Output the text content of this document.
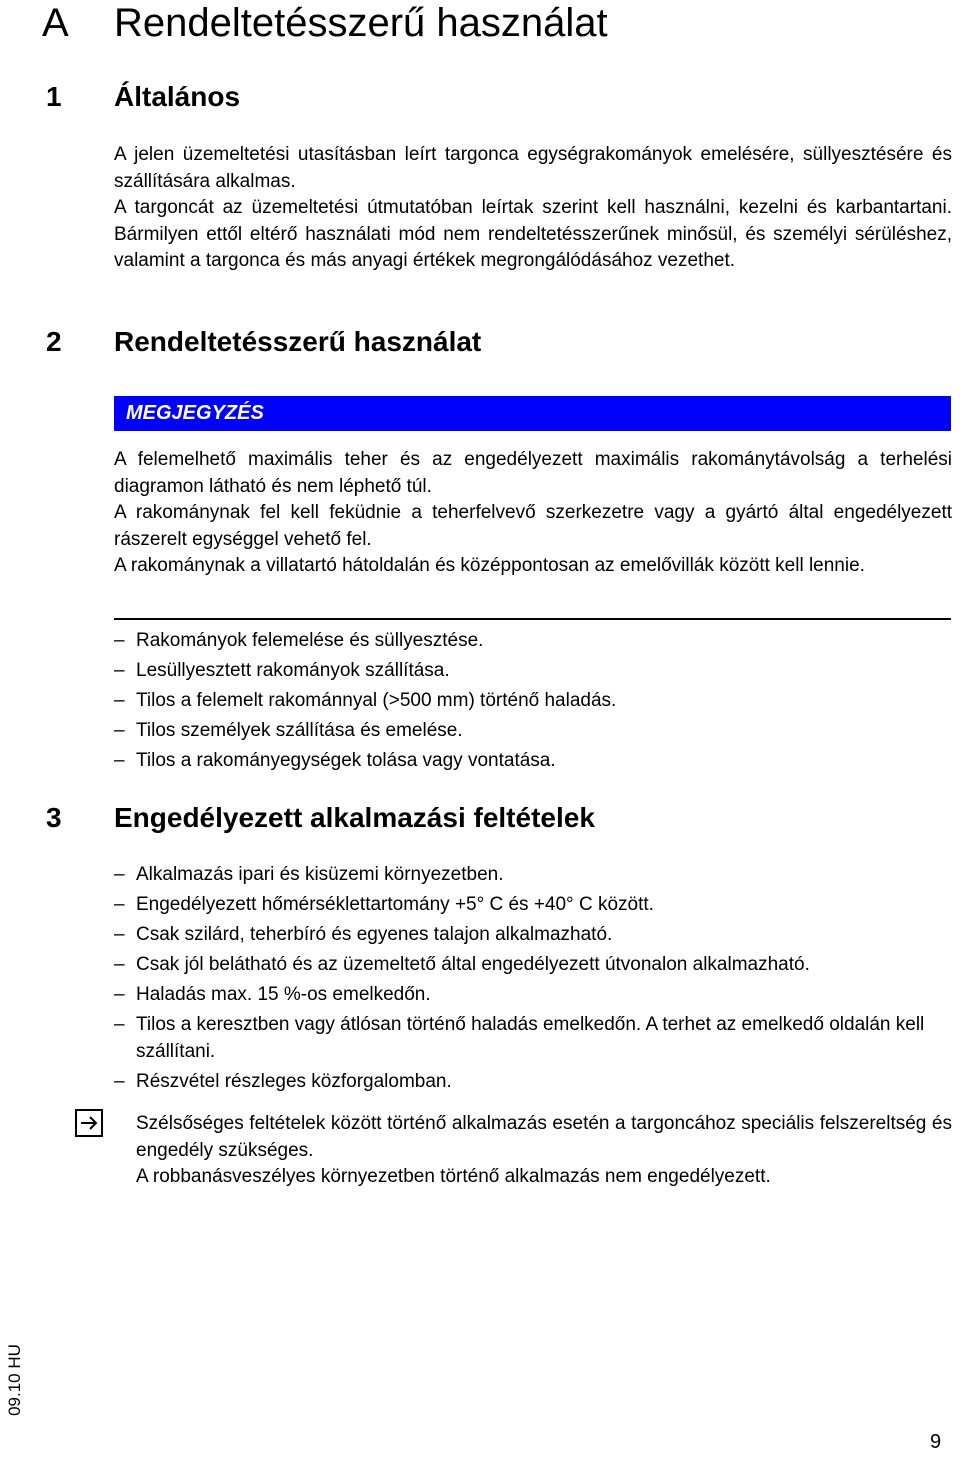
A Rendeltetésszerű használat
1 Általános

A jelen üzemeltetési utasításban leírt targonca egységrakományok emelésére, süllyesztésére és szállítására alkalmas.

A targoncát az üzemeltetési útmutatóban leírtak szerint kell használni, kezelni és karbantartani. Bármilyen ettől eltérő használati mód nem rendeltetésszerűnek minősül, és személyi sérüléshez, valamint a targonca és más anyagi értékek megrongálódásához vezethet.

2 Rendeltetésszerű használat
MEGJEGYZÉS

A felemelhető maximális teher és az engedélyezett maximális rakománytávolság a terhelési diagramon látható és nem léphető túl.

A rakománynak fel kell feküdnie a teherfelvevő szerkezetre vagy a gyártó által engedélyezett rászerelt egységgel vehető fel.

A rakománynak a villatartó hátoldalán és középpontosan az emelővillák között kell lennie.

– Rakományok felemelése és süllyesztése.
– Lesüllyesztett rakományok szállítása.
– Tilos a felemelt rakománnyal (>500 mm) történő haladás.
– Tilos személyek szállítása és emelése.
– Tilos a rakományegységek tolása vagy vontatása.
3 Engedélyezett alkalmazási feltételek
– Alkalmazás ipari és kisüzemi környezetben.
– Engedélyezett hőmérséklettartomány +5° C és +40° C között.
– Csak szilárd, teherbíró és egyenes talajon alkalmazható.
– Csak jól belátható és az üzemeltető által engedélyezett útvonalon alkalmazható.
– Haladás max. 15 %-os emelkedőn.
– Tilos a keresztben vagy átlósan történő haladás emelkedőn. A terhet az emelkedő oldalán kell szállítani.
– Részvétel részleges közforgalomban.

Szélsőséges feltételek között történő alkalmazás esetén a targoncához speciális felszereltség és engedély szükséges.

A robbanásveszélyes környezetben történő alkalmazás nem engedélyezett.

09.10 HU
9
